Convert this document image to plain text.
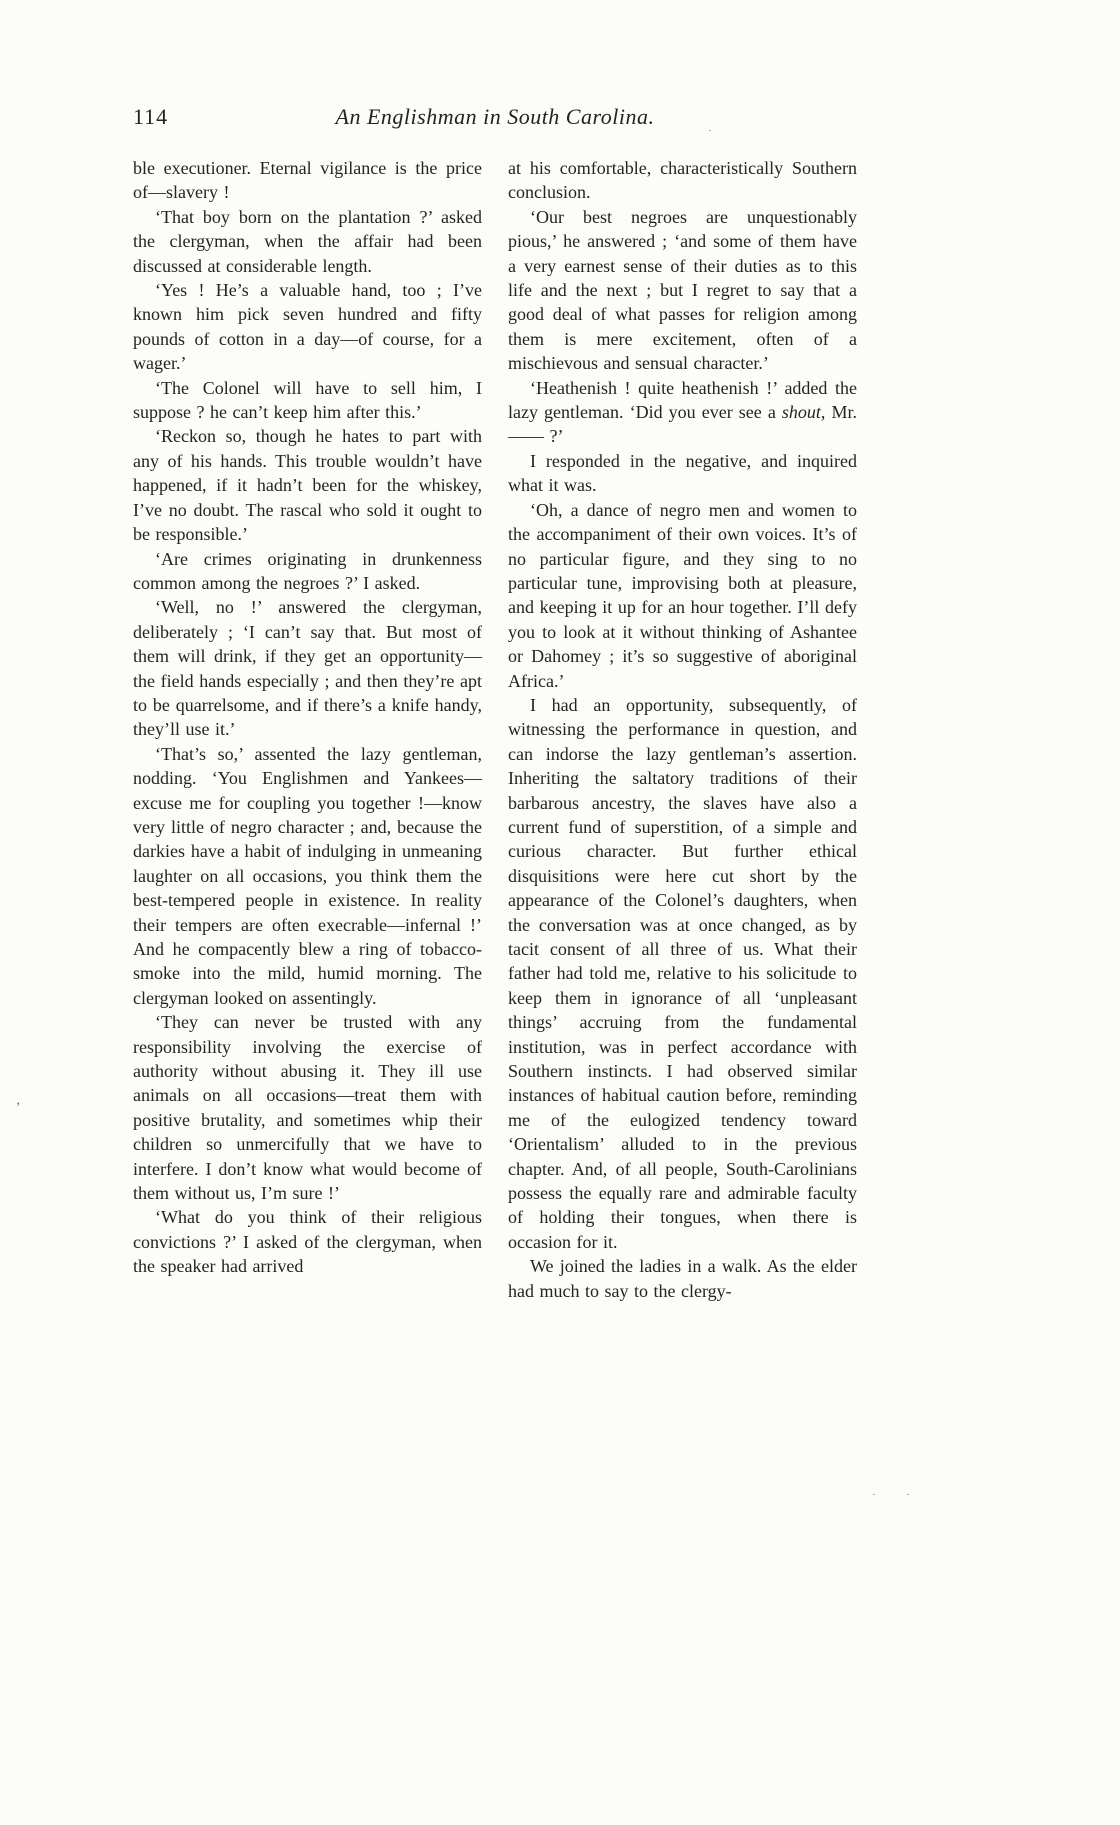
’
· ·
·
114	An Englishman in South Carolina.

ble executioner. Eternal vigilance is the price of—slavery !

‘That boy born on the plantation ?’ asked the clergyman, when the affair had been discussed at considerable length.

‘Yes ! He’s a valuable hand, too ; I’ve known him pick seven hundred and fifty pounds of cotton in a day—of course, for a wager.’

‘The Colonel will have to sell him, I suppose ? he can’t keep him after this.’

‘Reckon so, though he hates to part with any of his hands. This trouble wouldn’t have happened, if it hadn’t been for the whiskey, I’ve no doubt. The rascal who sold it ought to be responsible.’

‘Are crimes originating in drunkenness common among the negroes ?’ I asked.

‘Well, no !’ answered the clergyman, deliberately ; ‘I can’t say that. But most of them will drink, if they get an opportunity—the field hands especially ; and then they’re apt to be quarrelsome, and if there’s a knife handy, they’ll use it.’

‘That’s so,’ assented the lazy gentleman, nodding. ‘You Englishmen and Yankees—excuse me for coupling you together !—know very little of negro character ; and, because the darkies have a habit of indulging in unmeaning laughter on all occasions, you think them the best-tempered people in existence. In reality their tempers are often execrable—infernal !’ And he compacently blew a ring of tobacco-smoke into the mild, humid morning. The clergyman looked on assentingly.

‘They can never be trusted with any responsibility involving the exercise of authority without abusing it. They ill use animals on all occasions—treat them with positive brutality, and sometimes whip their children so unmercifully that we have to interfere. I don’t know what would become of them without us, I’m sure !’

‘What do you think of their religious convictions ?’ I asked of the clergyman, when the speaker had arrived

at his comfortable, characteristically Southern conclusion.

‘Our best negroes are unquestionably pious,’ he answered ; ‘and some of them have a very earnest sense of their duties as to this life and the next ; but I regret to say that a good deal of what passes for religion among them is mere excitement, often of a mischievous and sensual character.’

‘Heathenish ! quite heathenish !’ added the lazy gentleman. ‘Did you ever see a shout, Mr. —— ?’

I responded in the negative, and inquired what it was.

‘Oh, a dance of negro men and women to the accompaniment of their own voices. It’s of no particular figure, and they sing to no particular tune, improvising both at pleasure, and keeping it up for an hour together. I’ll defy you to look at it without thinking of Ashantee or Dahomey ; it’s so suggestive of aboriginal Africa.’

I had an opportunity, subsequently, of witnessing the performance in question, and can indorse the lazy gentleman’s assertion. Inheriting the saltatory traditions of their barbarous ancestry, the slaves have also a current fund of superstition, of a simple and curious character. But further ethical disquisitions were here cut short by the appearance of the Colonel’s daughters, when the conversation was at once changed, as by tacit consent of all three of us. What their father had told me, relative to his solicitude to keep them in ignorance of all ‘unpleasant things’ accruing from the fundamental institution, was in perfect accordance with Southern instincts. I had observed similar instances of habitual caution before, reminding me of the eulogized tendency toward ‘Orientalism’ alluded to in the previous chapter. And, of all people, South-Carolinians possess the equally rare and admirable faculty of holding their tongues, when there is occasion for it.

We joined the ladies in a walk. As the elder had much to say to the clergy-
